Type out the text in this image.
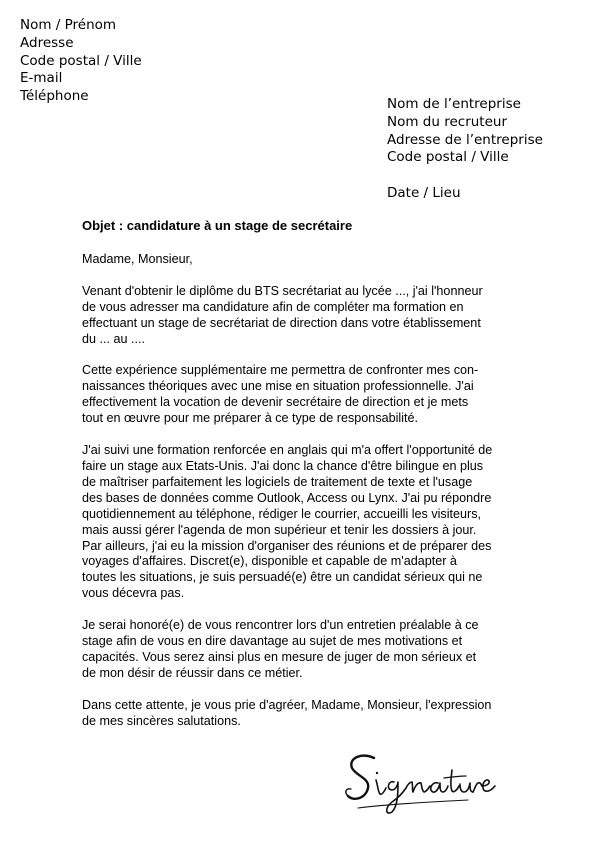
Nom / Prénom
Adresse
Code postal / Ville
E-mail
Téléphone	Nom de l’entreprise
Nom du recruteur
Adresse de l’entreprise
Code postal / Ville
Date / Lieu
Objet : candidature à un stage de secrétaire
Madame, Monsieur,
Venant d'obtenir le diplôme du BTS secrétariat au lycée ..., j'ai l'honneur
de vous adresser ma candidature afin de compléter ma formation en
effectuant un stage de secrétariat de direction dans votre établissement
du ... au ....
Cette expérience supplémentaire me permettra de confronter mes con-
naissances théoriques avec une mise en situation professionnelle. J'ai
effectivement la vocation de devenir secrétaire de direction et je mets
tout en œuvre pour me préparer à ce type de responsabilité.
J'ai suivi une formation renforcée en anglais qui m'a offert l'opportunité de
faire un stage aux Etats-Unis. J'ai donc la chance d'être bilingue en plus
de maîtriser parfaitement les logiciels de traitement de texte et l'usage
des bases de données comme Outlook, Access ou Lynx. J'ai pu répondre
quotidiennement au téléphone, rédiger le courrier, accueilli les visiteurs,
mais aussi gérer l'agenda de mon supérieur et tenir les dossiers à jour.
Par ailleurs, j'ai eu la mission d'organiser des réunions et de préparer des
voyages d'affaires. Discret(e), disponible et capable de m'adapter à
toutes les situations, je suis persuadé(e) être un candidat sérieux qui ne
vous décevra pas.
Je serai honoré(e) de vous rencontrer lors d'un entretien préalable à ce
stage afin de vous en dire davantage au sujet de mes motivations et
capacités. Vous serez ainsi plus en mesure de juger de mon sérieux et
de mon désir de réussir dans ce métier.
Dans cette attente, je vous prie d'agréer, Madame, Monsieur, l'expression
de mes sincères salutations.
